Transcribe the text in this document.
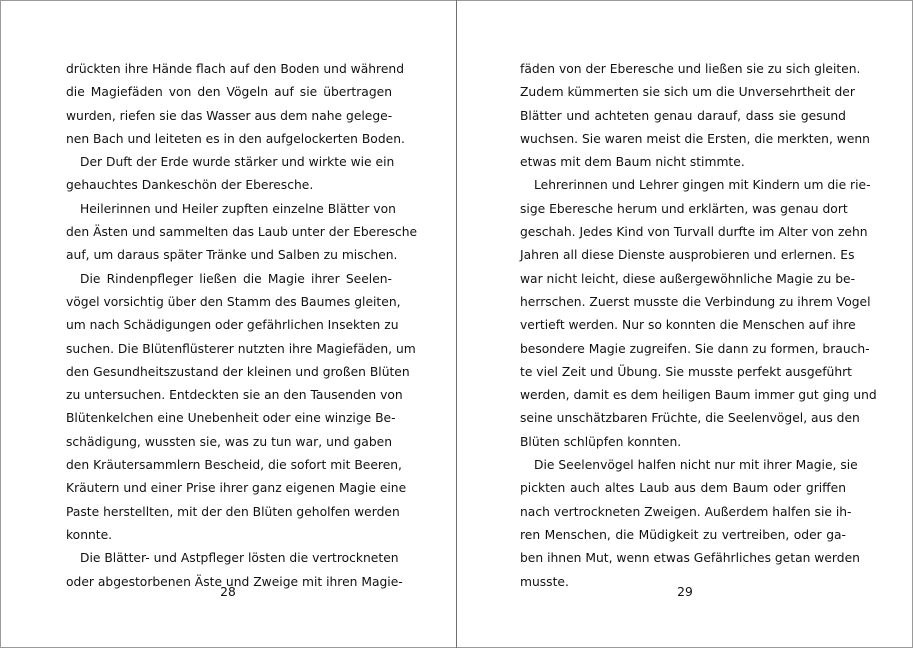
drückten ihre Hände flach auf den Boden und während
die Magiefäden von den Vögeln auf sie übertragen
wurden, riefen sie das Wasser aus dem nahe gelege-
nen Bach und leiteten es in den aufgelockerten Boden.
Der Duft der Erde wurde stärker und wirkte wie ein
gehauchtes Dankeschön der Eberesche.
Heilerinnen und Heiler zupften einzelne Blätter von
den Ästen und sammelten das Laub unter der Eberesche
auf, um daraus später Tränke und Salben zu mischen.
Die Rindenpfleger ließen die Magie ihrer Seelen-
vögel vorsichtig über den Stamm des Baumes gleiten,
um nach Schädigungen oder gefährlichen Insekten zu
suchen. Die Blütenflüsterer nutzten ihre Magiefäden, um
den Gesundheitszustand der kleinen und großen Blüten
zu untersuchen. Entdeckten sie an den Tausenden von
Blütenkelchen eine Unebenheit oder eine winzige Be-
schädigung, wussten sie, was zu tun war, und gaben
den Kräutersammlern Bescheid, die sofort mit Beeren,
Kräutern und einer Prise ihrer ganz eigenen Magie eine
Paste herstellten, mit der den Blüten geholfen werden
konnte.
Die Blätter- und Astpfleger lösten die vertrockneten
oder abgestorbenen Äste und Zweige mit ihren Magie-
28
fäden von der Eberesche und ließen sie zu sich gleiten.
Zudem kümmerten sie sich um die Unversehrtheit der
Blätter und achteten genau darauf, dass sie gesund
wuchsen. Sie waren meist die Ersten, die merkten, wenn
etwas mit dem Baum nicht stimmte.
Lehrerinnen und Lehrer gingen mit Kindern um die rie-
sige Eberesche herum und erklärten, was genau dort
geschah. Jedes Kind von Turvall durfte im Alter von zehn
Jahren all diese Dienste ausprobieren und erlernen. Es
war nicht leicht, diese außergewöhnliche Magie zu be-
herrschen. Zuerst musste die Verbindung zu ihrem Vogel
vertieft werden. Nur so konnten die Menschen auf ihre
besondere Magie zugreifen. Sie dann zu formen, brauch-
te viel Zeit und Übung. Sie musste perfekt ausgeführt
werden, damit es dem heiligen Baum immer gut ging und
seine unschätzbaren Früchte, die Seelenvögel, aus den
Blüten schlüpfen konnten.
Die Seelenvögel halfen nicht nur mit ihrer Magie, sie
pickten auch altes Laub aus dem Baum oder griffen
nach vertrockneten Zweigen. Außerdem halfen sie ih-
ren Menschen, die Müdigkeit zu vertreiben, oder ga-
ben ihnen Mut, wenn etwas Gefährliches getan werden
musste.
29
